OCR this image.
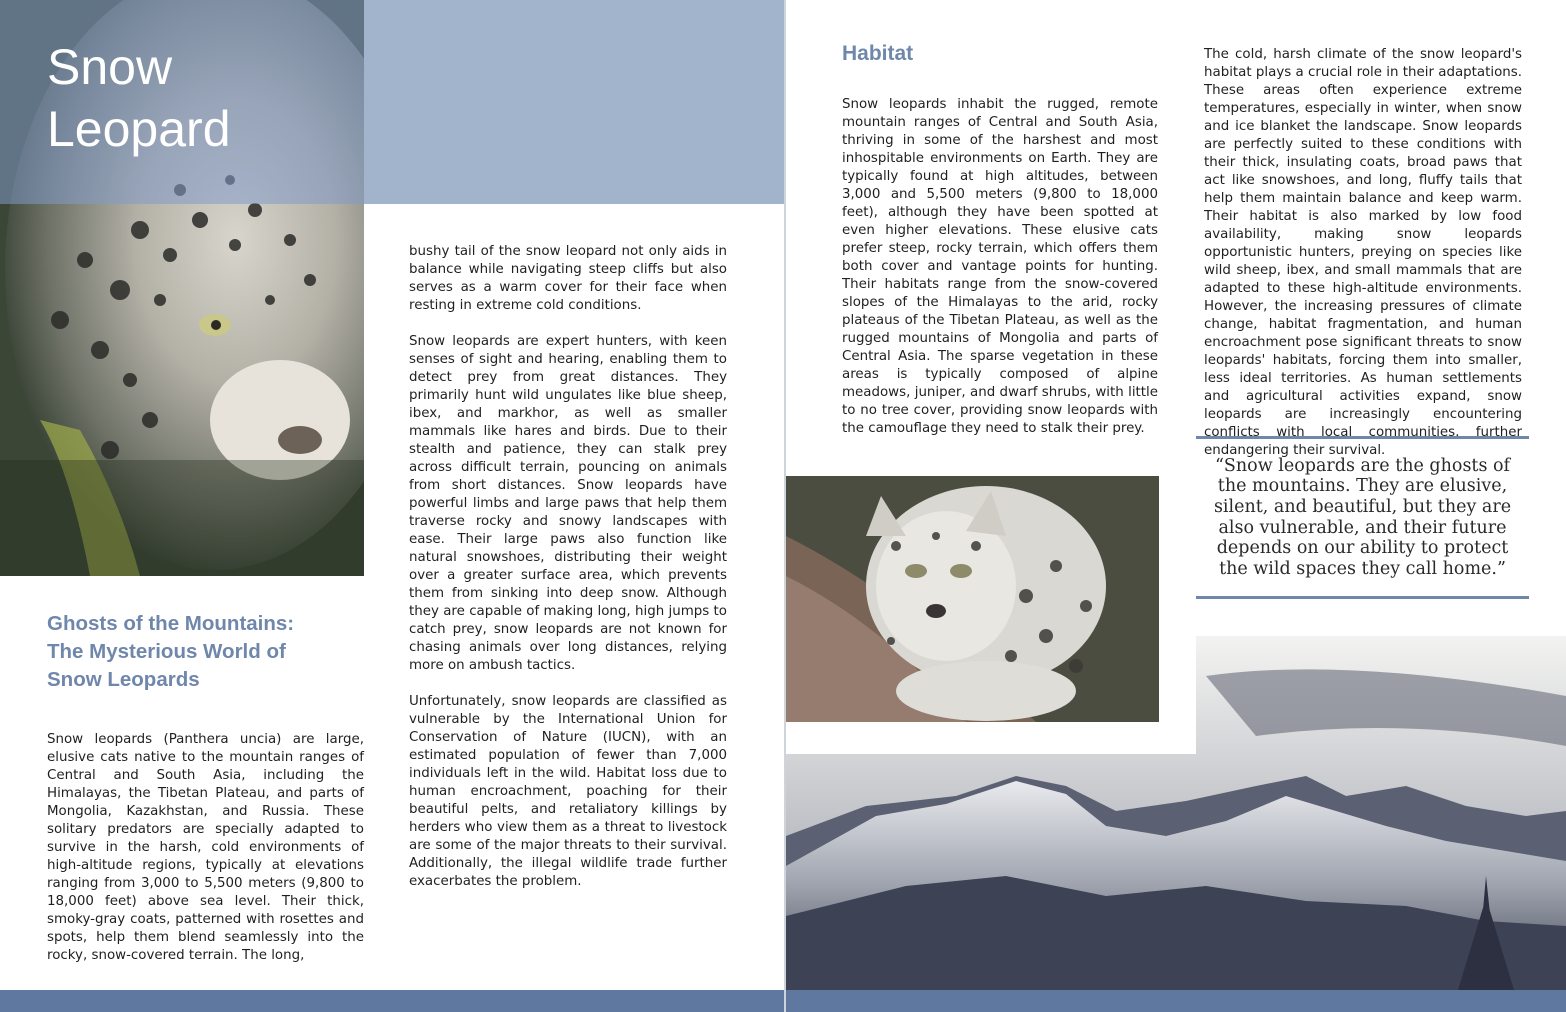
Snow
Leopard
Ghosts of the Mountains:
The Mysterious World of
Snow Leopards

Snow leopards (Panthera uncia) are large, elusive cats native to the mountain ranges of Central and South Asia, including the Himalayas, the Tibetan Plateau, and parts of Mongolia, Kazakhstan, and Russia. These solitary predators are specially adapted to survive in the harsh, cold environments of high-altitude regions, typically at elevations ranging from 3,000 to 5,500 meters (9,800 to 18,000 feet) above sea level. Their thick, smoky-gray coats, patterned with rosettes and spots, help them blend seamlessly into the rocky, snow-covered terrain. The long,

bushy tail of the snow leopard not only aids in balance while navigating steep cliffs but also serves as a warm cover for their face when resting in extreme cold conditions.

Snow leopards are expert hunters, with keen senses of sight and hearing, enabling them to detect prey from great distances. They primarily hunt wild ungulates like blue sheep, ibex, and markhor, as well as smaller mammals like hares and birds. Due to their stealth and patience, they can stalk prey across difficult terrain, pouncing on animals from short distances. Snow leopards have powerful limbs and large paws that help them traverse rocky and snowy landscapes with ease. Their large paws also function like natural snowshoes, distributing their weight over a greater surface area, which prevents them from sinking into deep snow. Although they are capable of making long, high jumps to catch prey, snow leopards are not known for chasing animals over long distances, relying more on ambush tactics.

Unfortunately, snow leopards are classified as vulnerable by the International Union for Conservation of Nature (IUCN), with an estimated population of fewer than 7,000 individuals left in the wild. Habitat loss due to human encroachment, poaching for their beautiful pelts, and retaliatory killings by herders who view them as a threat to livestock are some of the major threats to their survival. Additionally, the illegal wildlife trade further exacerbates the problem.

Habitat

Snow leopards inhabit the rugged, remote mountain ranges of Central and South Asia, thriving in some of the harshest and most inhospitable environments on Earth. They are typically found at high altitudes, between 3,000 and 5,500 meters (9,800 to 18,000 feet), although they have been spotted at even higher elevations. These elusive cats prefer steep, rocky terrain, which offers them both cover and vantage points for hunting. Their habitats range from the snow-covered slopes of the Himalayas to the arid, rocky plateaus of the Tibetan Plateau, as well as the rugged mountains of Mongolia and parts of Central Asia. The sparse vegetation in these areas is typically composed of alpine meadows, juniper, and dwarf shrubs, with little to no tree cover, providing snow leopards with the camouflage they need to stalk their prey.

The cold, harsh climate of the snow leopard's habitat plays a crucial role in their adaptations. These areas often experience extreme temperatures, especially in winter, when snow and ice blanket the landscape. Snow leopards are perfectly suited to these conditions with their thick, insulating coats, broad paws that act like snowshoes, and long, fluffy tails that help them maintain balance and keep warm. Their habitat is also marked by low food availability, making snow leopards opportunistic hunters, preying on species like wild sheep, ibex, and small mammals that are adapted to these high-altitude environments. However, the increasing pressures of climate change, habitat fragmentation, and human encroachment pose significant threats to snow leopards' habitats, forcing them into smaller, less ideal territories. As human settlements and agricultural activities expand, snow leopards are increasingly encountering conflicts with local communities, further endangering their survival.

“Snow leopards are the ghosts of the mountains. They are elusive, silent, and beautiful, but they are also vulnerable, and their future depends on our ability to protect the wild spaces they call home.”
